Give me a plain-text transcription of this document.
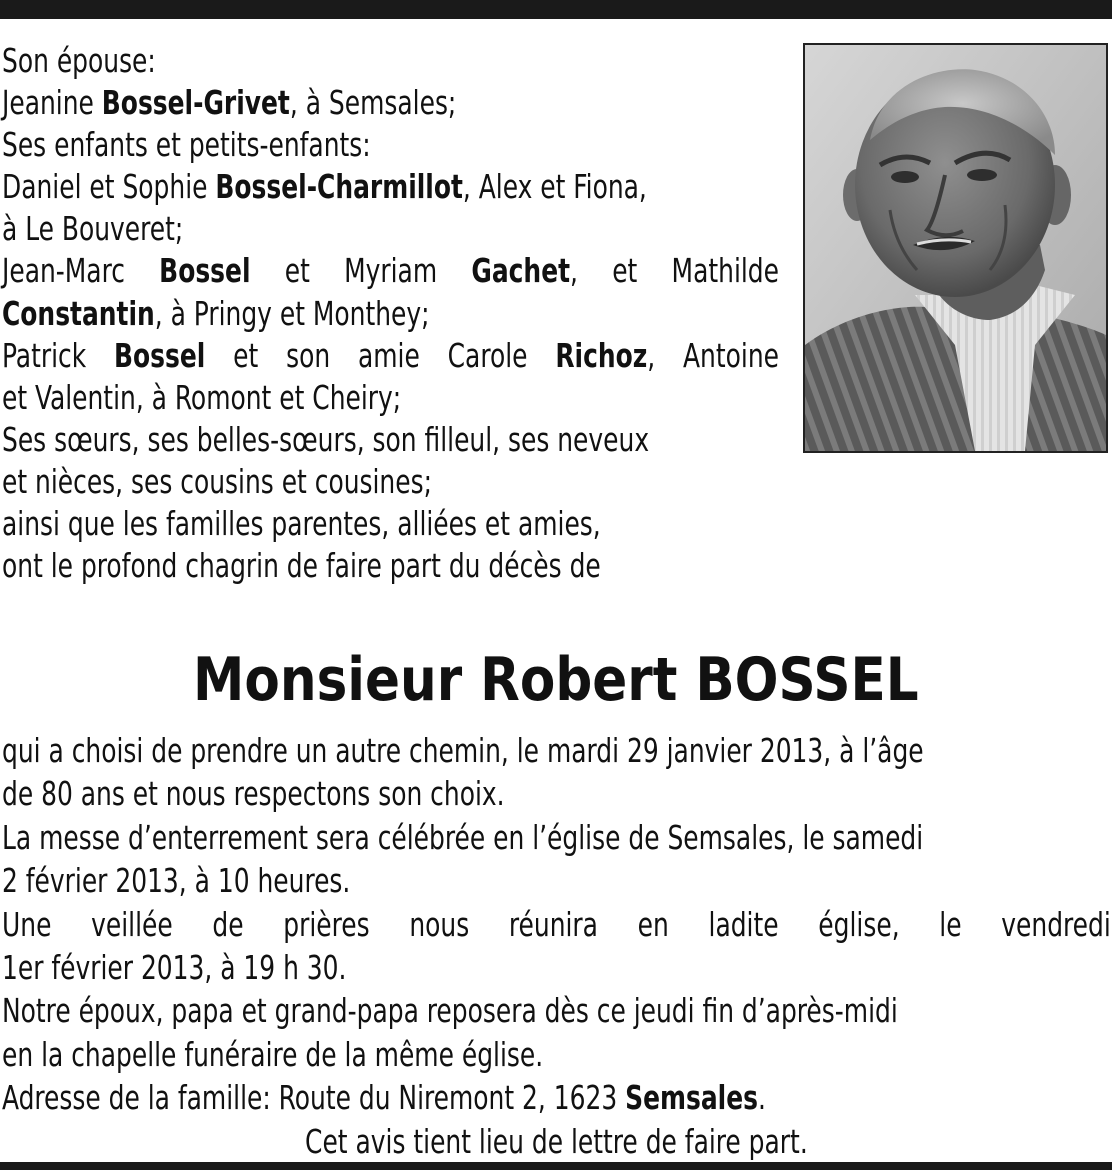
Son épouse:
Jeanine Bossel-Grivet, à Semsales;
Ses enfants et petits-enfants:
Daniel et Sophie Bossel-Charmillot, Alex et Fiona,
à Le Bouveret;
Jean-Marc Bossel et Myriam Gachet, et Mathilde
Constantin, à Pringy et Monthey;
Patrick Bossel et son amie Carole Richoz, Antoine
et Valentin, à Romont et Cheiry;
Ses sœurs, ses belles-sœurs, son filleul, ses neveux
et nièces, ses cousins et cousines;
ainsi que les familles parentes, alliées et amies,
ont le profond chagrin de faire part du décès de
Monsieur Robert BOSSEL
qui a choisi de prendre un autre chemin, le mardi 29 janvier 2013, à l’âge
de 80 ans et nous respectons son choix.
La messe d’enterrement sera célébrée en l’église de Semsales, le samedi
2 février 2013, à 10 heures.
Une veillée de prières nous réunira en ladite église, le vendredi
1er février 2013, à 19 h 30.
Notre époux, papa et grand-papa reposera dès ce jeudi fin d’après-midi
en la chapelle funéraire de la même église.
Adresse de la famille: Route du Niremont 2, 1623 Semsales.
Cet avis tient lieu de lettre de faire part.
